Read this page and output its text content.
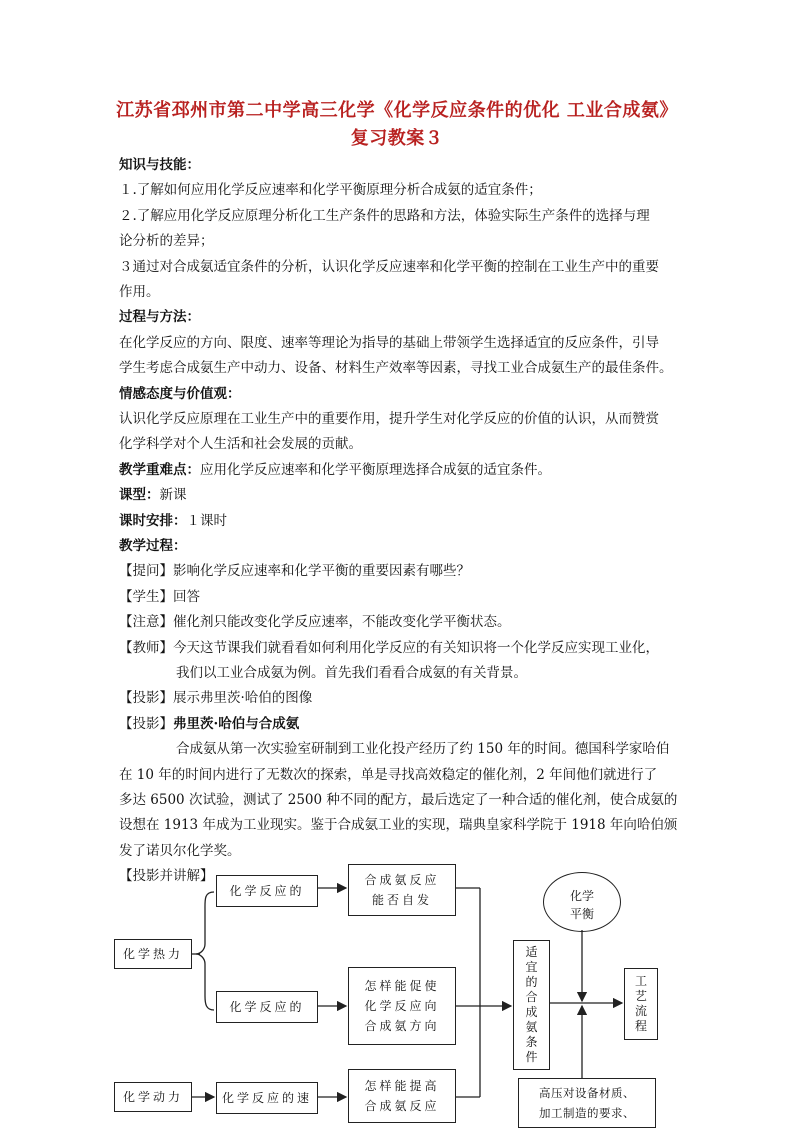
江苏省邳州市第二中学高三化学《化学反应条件的优化 工业合成氨》
复习教案３
知识与技能：
１.了解如何应用化学反应速率和化学平衡原理分析合成氨的适宜条件；
２.了解应用化学反应原理分析化工生产条件的思路和方法，体验实际生产条件的选择与理
论分析的差异；
３通过对合成氨适宜条件的分析，认识化学反应速率和化学平衡的控制在工业生产中的重要
作用。
过程与方法：
在化学反应的方向、限度、速率等理论为指导的基础上带领学生选择适宜的反应条件，引导
学生考虑合成氨生产中动力、设备、材料生产效率等因素，寻找工业合成氨生产的最佳条件。
情感态度与价值观：
认识化学反应原理在工业生产中的重要作用，提升学生对化学反应的价值的认识，从而赞赏
化学科学对个人生活和社会发展的贡献。
教学重难点：应用化学反应速率和化学平衡原理选择合成氨的适宜条件。
课型：新课
课时安排：１课时
教学过程：
【提问】影响化学反应速率和化学平衡的重要因素有哪些？
【学生】回答
【注意】催化剂只能改变化学反应速率，不能改变化学平衡状态。
【教师】今天这节课我们就看看如何利用化学反应的有关知识将一个化学反应实现工业化，
我们以工业合成氨为例。首先我们看看合成氨的有关背景。
【投影】展示弗里茨·哈伯的图像
【投影】弗里茨·哈伯与合成氨
合成氨从第一次实验室研制到工业化投产经历了约 150 年的时间。德国科学家哈伯
在 10 年的时间内进行了无数次的探索，单是寻找高效稳定的催化剂，2 年间他们就进行了
多达 6500 次试验，测试了 2500 种不同的配方，最后选定了一种合适的催化剂，使合成氨的
设想在 1913 年成为工业现实。鉴于合成氨工业的实现，瑞典皇家科学院于 1918 年向哈伯颁
发了诺贝尔化学奖。
【投影并讲解】
化学热力
化学动力
化学反应的
化学反应的
化学反应的速
合成氨反应
能否自发
怎样能促使
化学反应向
合成氨方向
怎样能提高
合成氨反应
适
宜
的
合
成
氨
条
件
化学
平衡
工
艺
流
程
高压对设备材质、
加工制造的要求、
